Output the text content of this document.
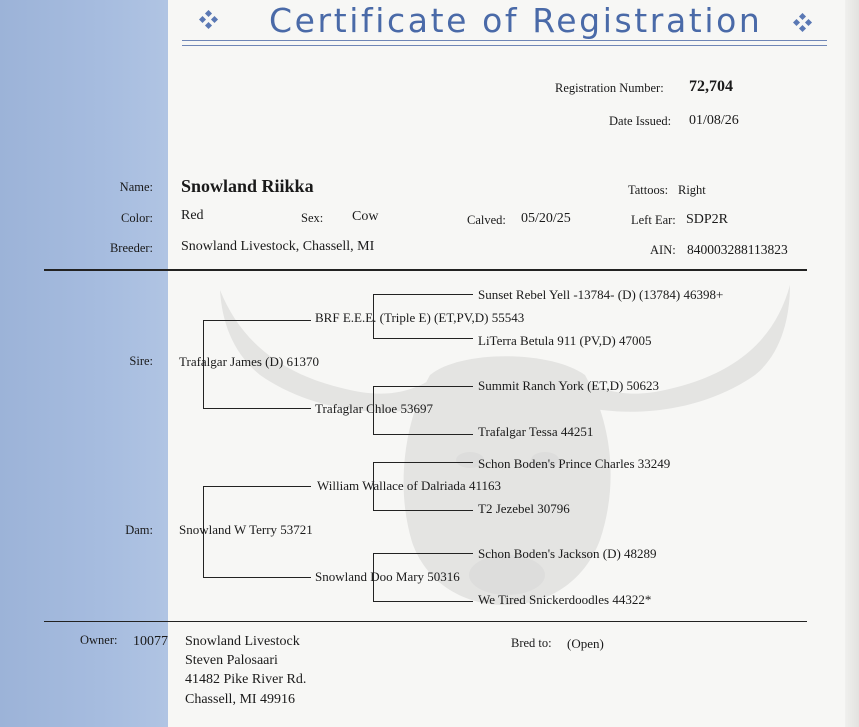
Certificate of Registration
Registration Number: 72,704
Date Issued: 01/08/26
Name: Snowland Riikka	Tattoos: Right
Color: Red	Sex: Cow	Calved: 05/20/25	Left Ear: SDP2R
Breeder: Snowland Livestock, Chassell, MI	AIN: 840003288113823
Sire: Trafalgar James (D) 61370
BRF E.E.E. (Triple E) (ET,PV,D) 55543
Sunset Rebel Yell -13784- (D) (13784) 46398+
LiTerra Betula 911 (PV,D) 47005
Trafaglar Chloe 53697
Summit Ranch York (ET,D) 50623
Trafalgar Tessa 44251
Dam: Snowland W Terry 53721
William Wallace of Dalriada 41163
Schon Boden's Prince Charles 33249
T2 Jezebel 30796
Snowland Doo Mary 50316
Schon Boden's Jackson (D) 48289
We Tired Snickerdoodles 44322*
Owner: 10077 Snowland Livestock
Steven Palosaari
41482 Pike River Rd.
Chassell, MI 49916
Bred to: (Open)
